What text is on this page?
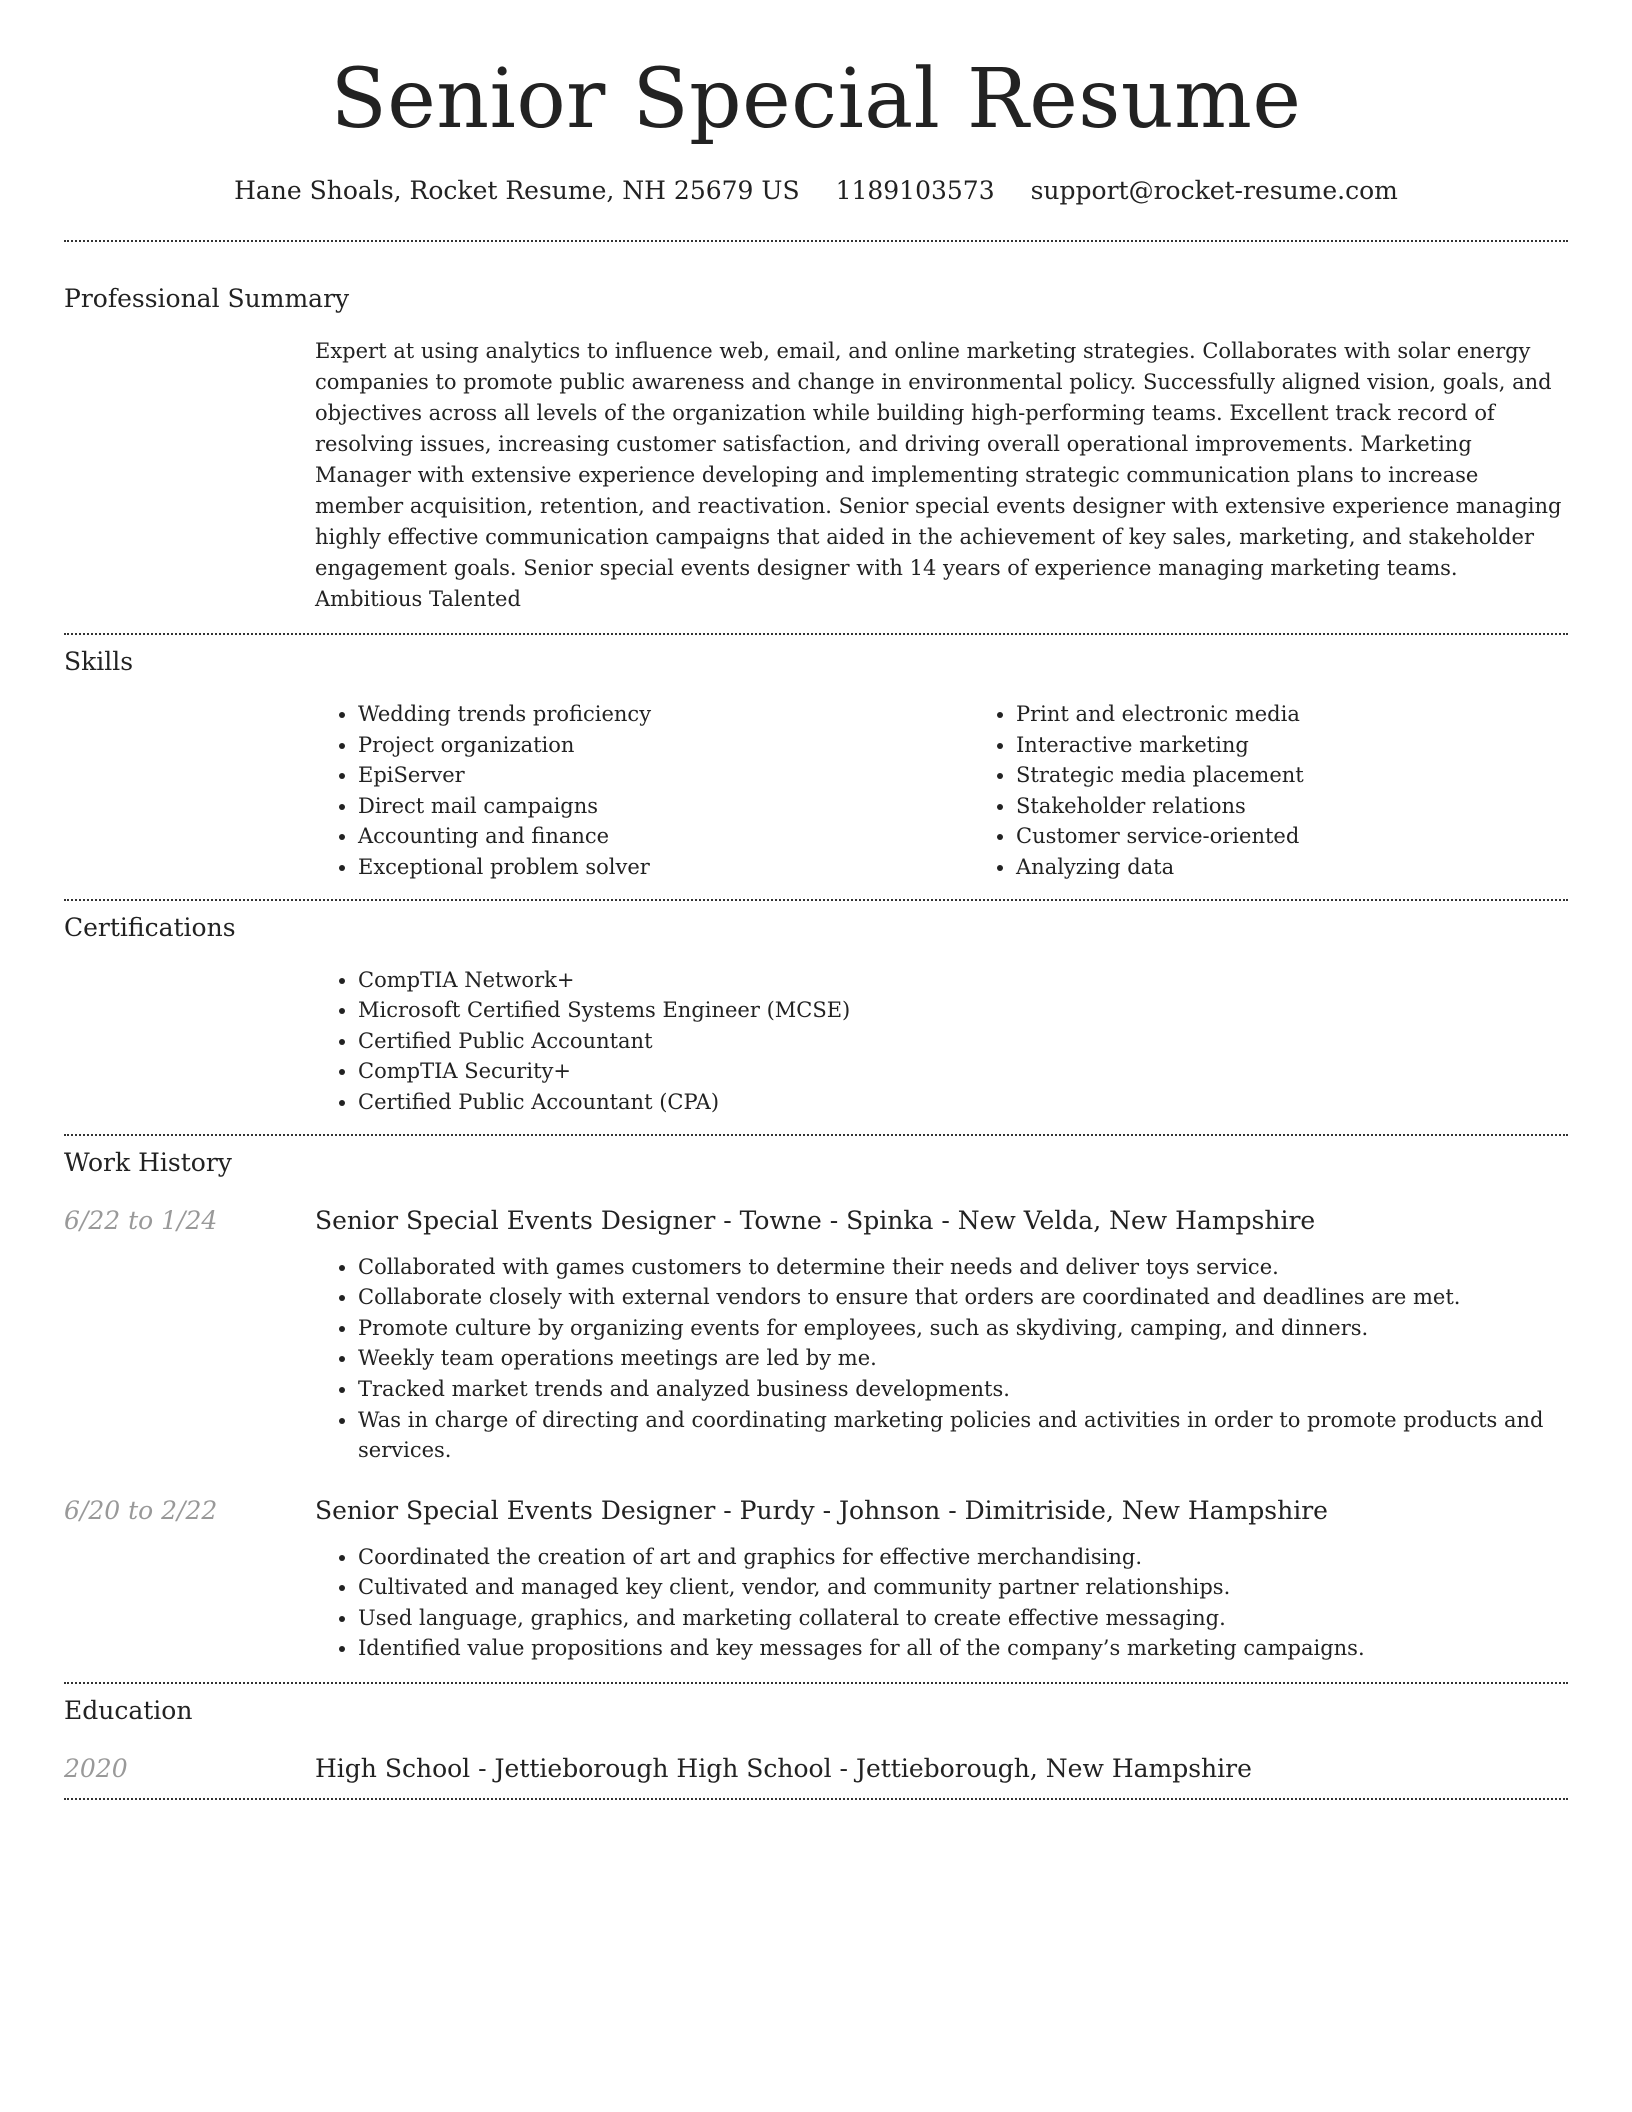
Senior Special Resume
Hane Shoals, Rocket Resume, NH 25679 US 1189103573 support@rocket-resume.com
Professional Summary

Expert at using analytics to influence web, email, and online marketing strategies. Collaborates with solar energy companies to promote public awareness and change in environmental policy. Successfully aligned vision, goals, and objectives across all levels of the organization while building high-performing teams. Excellent track record of resolving issues, increasing customer satisfaction, and driving overall operational improvements. Marketing Manager with extensive experience developing and implementing strategic communication plans to increase member acquisition, retention, and reactivation. Senior special events designer with extensive experience managing highly effective communication campaigns that aided in the achievement of key sales, marketing, and stakeholder engagement goals. Senior special events designer with 14 years of experience managing marketing teams. Ambitious Talented

Skills
• Wedding trends proficiency
• Project organization
• EpiServer
• Direct mail campaigns
• Accounting and finance
• Exceptional problem solver
• Print and electronic media
• Interactive marketing
• Strategic media placement
• Stakeholder relations
• Customer service-oriented
• Analyzing data
Certifications
• CompTIA Network+
• Microsoft Certified Systems Engineer (MCSE)
• Certified Public Accountant
• CompTIA Security+
• Certified Public Accountant (CPA)
Work History
6/22 to 1/24	Senior Special Events Designer - Towne - Spinka - New Velda, New Hampshire
• Collaborated with games customers to determine their needs and deliver toys service.
• Collaborate closely with external vendors to ensure that orders are coordinated and deadlines are met.
• Promote culture by organizing events for employees, such as skydiving, camping, and dinners.
• Weekly team operations meetings are led by me.
• Tracked market trends and analyzed business developments.
• Was in charge of directing and coordinating marketing policies and activities in order to promote products and services.
6/20 to 2/22	Senior Special Events Designer - Purdy - Johnson - Dimitriside, New Hampshire
• Coordinated the creation of art and graphics for effective merchandising.
• Cultivated and managed key client, vendor, and community partner relationships.
• Used language, graphics, and marketing collateral to create effective messaging.
• Identified value propositions and key messages for all of the company’s marketing campaigns.
Education
2020	High School - Jettieborough High School - Jettieborough, New Hampshire
